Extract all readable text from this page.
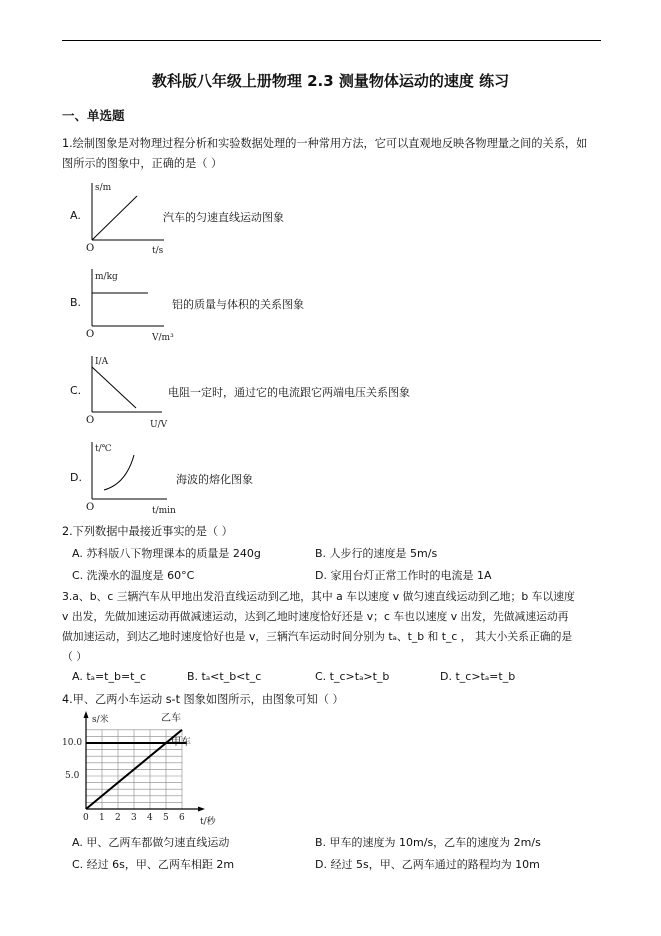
教科版八年级上册物理 2.3 测量物体运动的速度 练习
一、单选题
1.绘制图象是对物理过程分析和实验数据处理的一种常用方法，它可以直观地反映各物理量之间的关系，如
图所示的图象中，正确的是（ ）
A.
s/m
O	t/s
汽车的匀速直线运动图象
B.
m/kg
O	V/m³
铝的质量与体积的关系图象
C.
I/A
O	U/V
电阻一定时，通过它的电流跟它两端电压关系图象
D.
t/℃
O	t/min
海波的熔化图象
2.下列数据中最接近事实的是（ ）
A. 苏科版八下物理课本的质量是 240g	B. 人步行的速度是 5m/s
C. 洗澡水的温度是 60°C	D. 家用台灯正常工作时的电流是 1A
3.a、b、c 三辆汽车从甲地出发沿直线运动到乙地，其中 a 车以速度 v 做匀速直线运动到乙地；b 车以速度
v 出发，先做加速运动再做减速运动，达到乙地时速度恰好还是 v；c 车也以速度 v 出发，先做减速运动再
做加速运动，到达乙地时速度恰好也是 v，三辆汽车运动时间分别为 tₐ、t_b 和 t_c ， 其大小关系正确的是
（ ）
A. tₐ=t_b=t_c	B. tₐ<t_b<t_c	C. t_c>tₐ>t_b	D. t_c>tₐ=t_b
4.甲、乙两小车运动 s-t 图象如图所示，由图象可知（ ）
s/米
10.0
5.0
t/秒
乙车
甲车
0 1 2 3 4 5 6
A. 甲、乙两车都做匀速直线运动	B. 甲车的速度为 10m/s，乙车的速度为 2m/s
C. 经过 6s，甲、乙两车相距 2m	D. 经过 5s，甲、乙两车通过的路程均为 10m
